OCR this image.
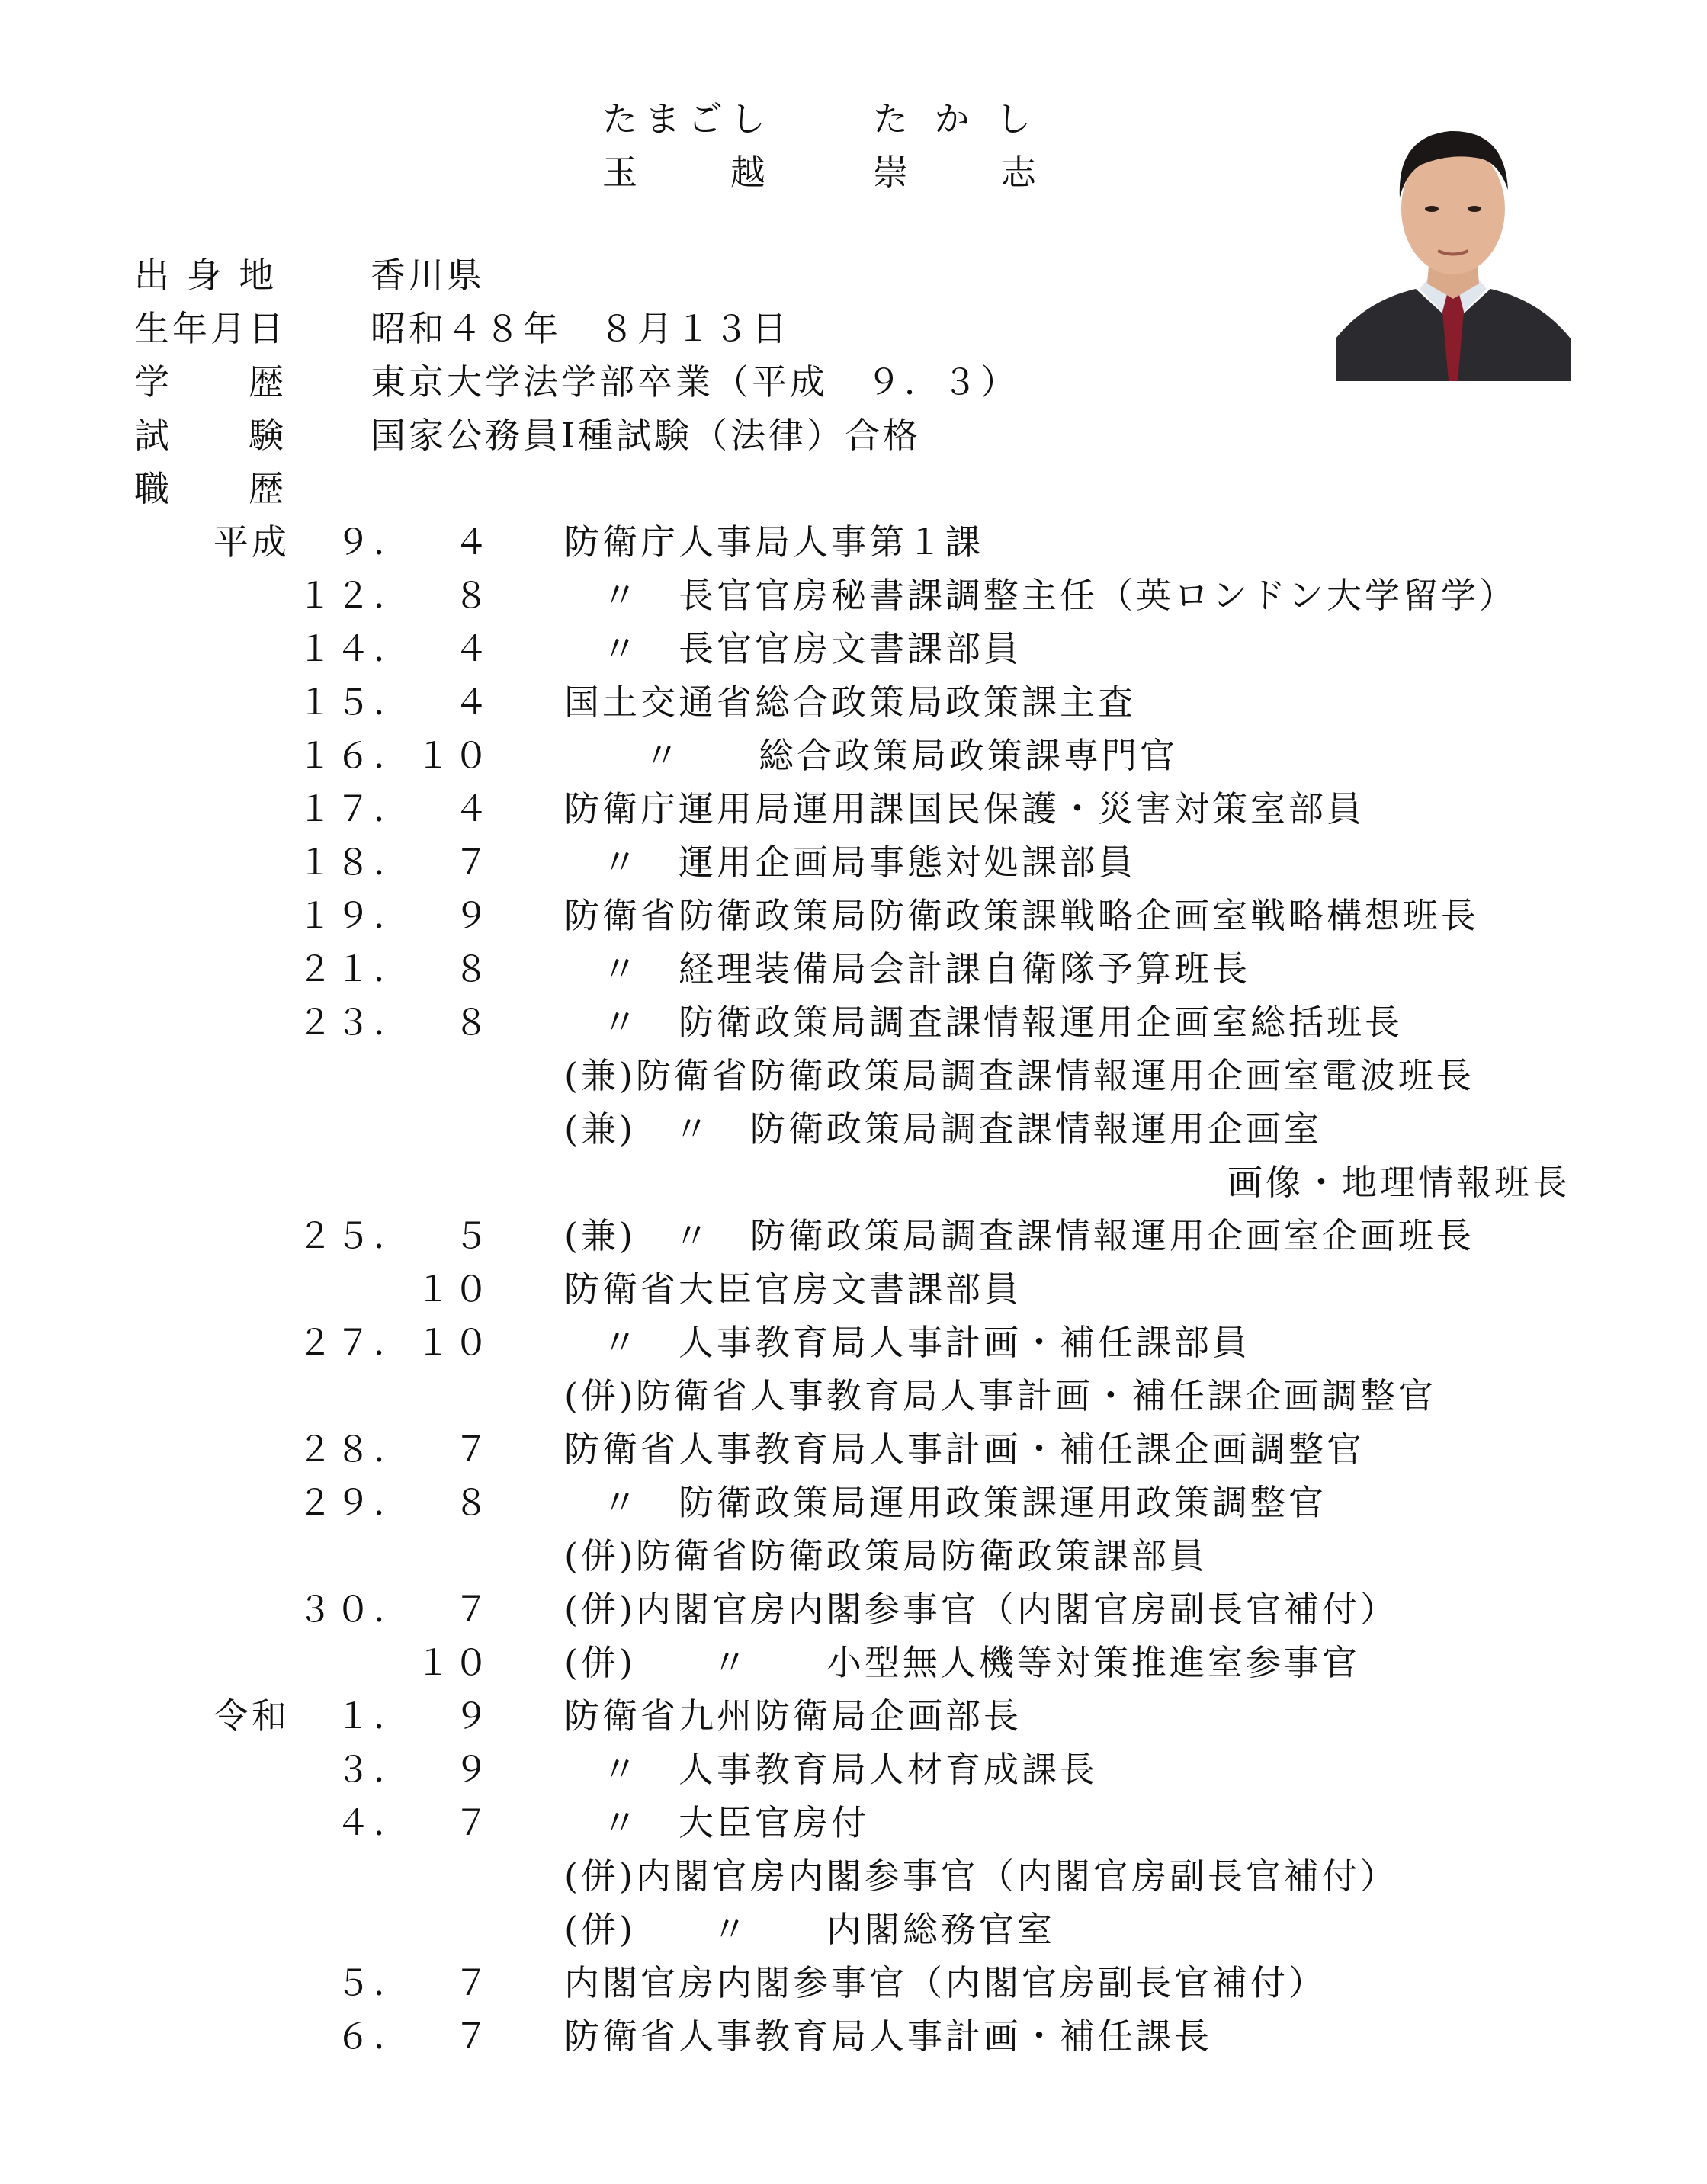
たまごし	た か し
玉　　越	崇　　志
出 身 地	香川県
生年月日 昭和４８年　８月１３日
学　　歴 東京大学法学部卒業（平成　９．３）
試　　験 国家公務員Ⅰ種試験（法律）合格
職　　歴
平成 ９． ４ 防衛庁人事局人事第１課
１２． ８	〃　長官官房秘書課調整主任（英ロンドン大学留学）
１４． ４	〃　長官官房文書課部員
１５． ４ 国土交通省総合政策局政策課主査
１６． １０	〃　　総合政策局政策課専門官
１７． ４ 防衛庁運用局運用課国民保護・災害対策室部員
１８． ７	〃　運用企画局事態対処課部員
１９． ９ 防衛省防衛政策局防衛政策課戦略企画室戦略構想班長
２１． ８	〃　経理装備局会計課自衛隊予算班長
２３． ８	〃　防衛政策局調査課情報運用企画室総括班長
(兼)防衛省防衛政策局調査課情報運用企画室電波班長
(兼)　〃　防衛政策局調査課情報運用企画室
画像・地理情報班長
２５． ５ (兼)　〃　防衛政策局調査課情報運用企画室企画班長
１０ 防衛省大臣官房文書課部員
２７． １０	〃　人事教育局人事計画・補任課部員
(併)防衛省人事教育局人事計画・補任課企画調整官
２８． ７ 防衛省人事教育局人事計画・補任課企画調整官
２９． ８	〃　防衛政策局運用政策課運用政策調整官
(併)防衛省防衛政策局防衛政策課部員
３０． ７ (併)内閣官房内閣参事官（内閣官房副長官補付）
１０ (併)　　〃　　小型無人機等対策推進室参事官
令和 １． ９ 防衛省九州防衛局企画部長
３． ９	〃　人事教育局人材育成課長
４． ７	〃　大臣官房付
(併)内閣官房内閣参事官（内閣官房副長官補付）
(併)　　〃　　内閣総務官室
５． ７ 内閣官房内閣参事官（内閣官房副長官補付）
６． ７ 防衛省人事教育局人事計画・補任課長
